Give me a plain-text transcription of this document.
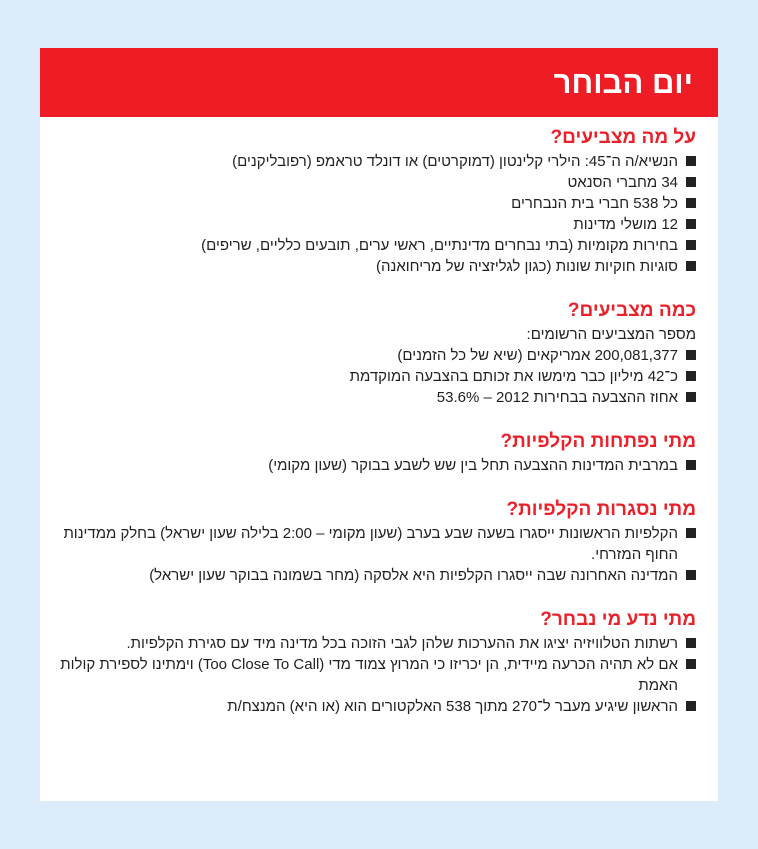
יום הבוחר
על מה מצביעים?
הנשיא/ה ה־45: הילרי קלינטון (דמוקרטים) או דונלד טראמפ (רפובליקנים)
34 מחברי הסנאט
כל 538 חברי בית הנבחרים
12 מושלי מדינות
בחירות מקומיות (בתי נבחרים מדינתיים, ראשי ערים, תובעים כלליים, שריפים)
סוגיות חוקיות שונות (כגון לגליזציה של מריחואנה)
כמה מצביעים?
מספר המצביעים הרשומים:
200,081,377 אמריקאים (שיא של כל הזמנים)
כ־42 מיליון כבר מימשו את זכותם בהצבעה המוקדמת
אחוז ההצבעה בבחירות 2012 – 53.6%
מתי נפתחות הקלפיות?
במרבית המדינות ההצבעה תחל בין שש לשבע בבוקר (שעון מקומי)
מתי נסגרות הקלפיות?
הקלפיות הראשונות ייסגרו בשעה שבע בערב (שעון מקומי – 2:00 בלילה שעון ישראל) בחלק ממדינות החוף המזרחי.
המדינה האחרונה שבה ייסגרו הקלפיות היא אלסקה (מחר בשמונה בבוקר שעון ישראל)
מתי נדע מי נבחר?
רשתות הטלוויזיה יציגו את ההערכות שלהן לגבי הזוכה בכל מדינה מיד עם סגירת הקלפיות.
אם לא תהיה הכרעה מיידית, הן יכריזו כי המרוץ צמוד מדי (Too Close To Call) וימתינו לספירת קולות האמת
הראשון שיגיע מעבר ל־270 מתוך 538 האלקטורים הוא (או היא) המנצח/ת
